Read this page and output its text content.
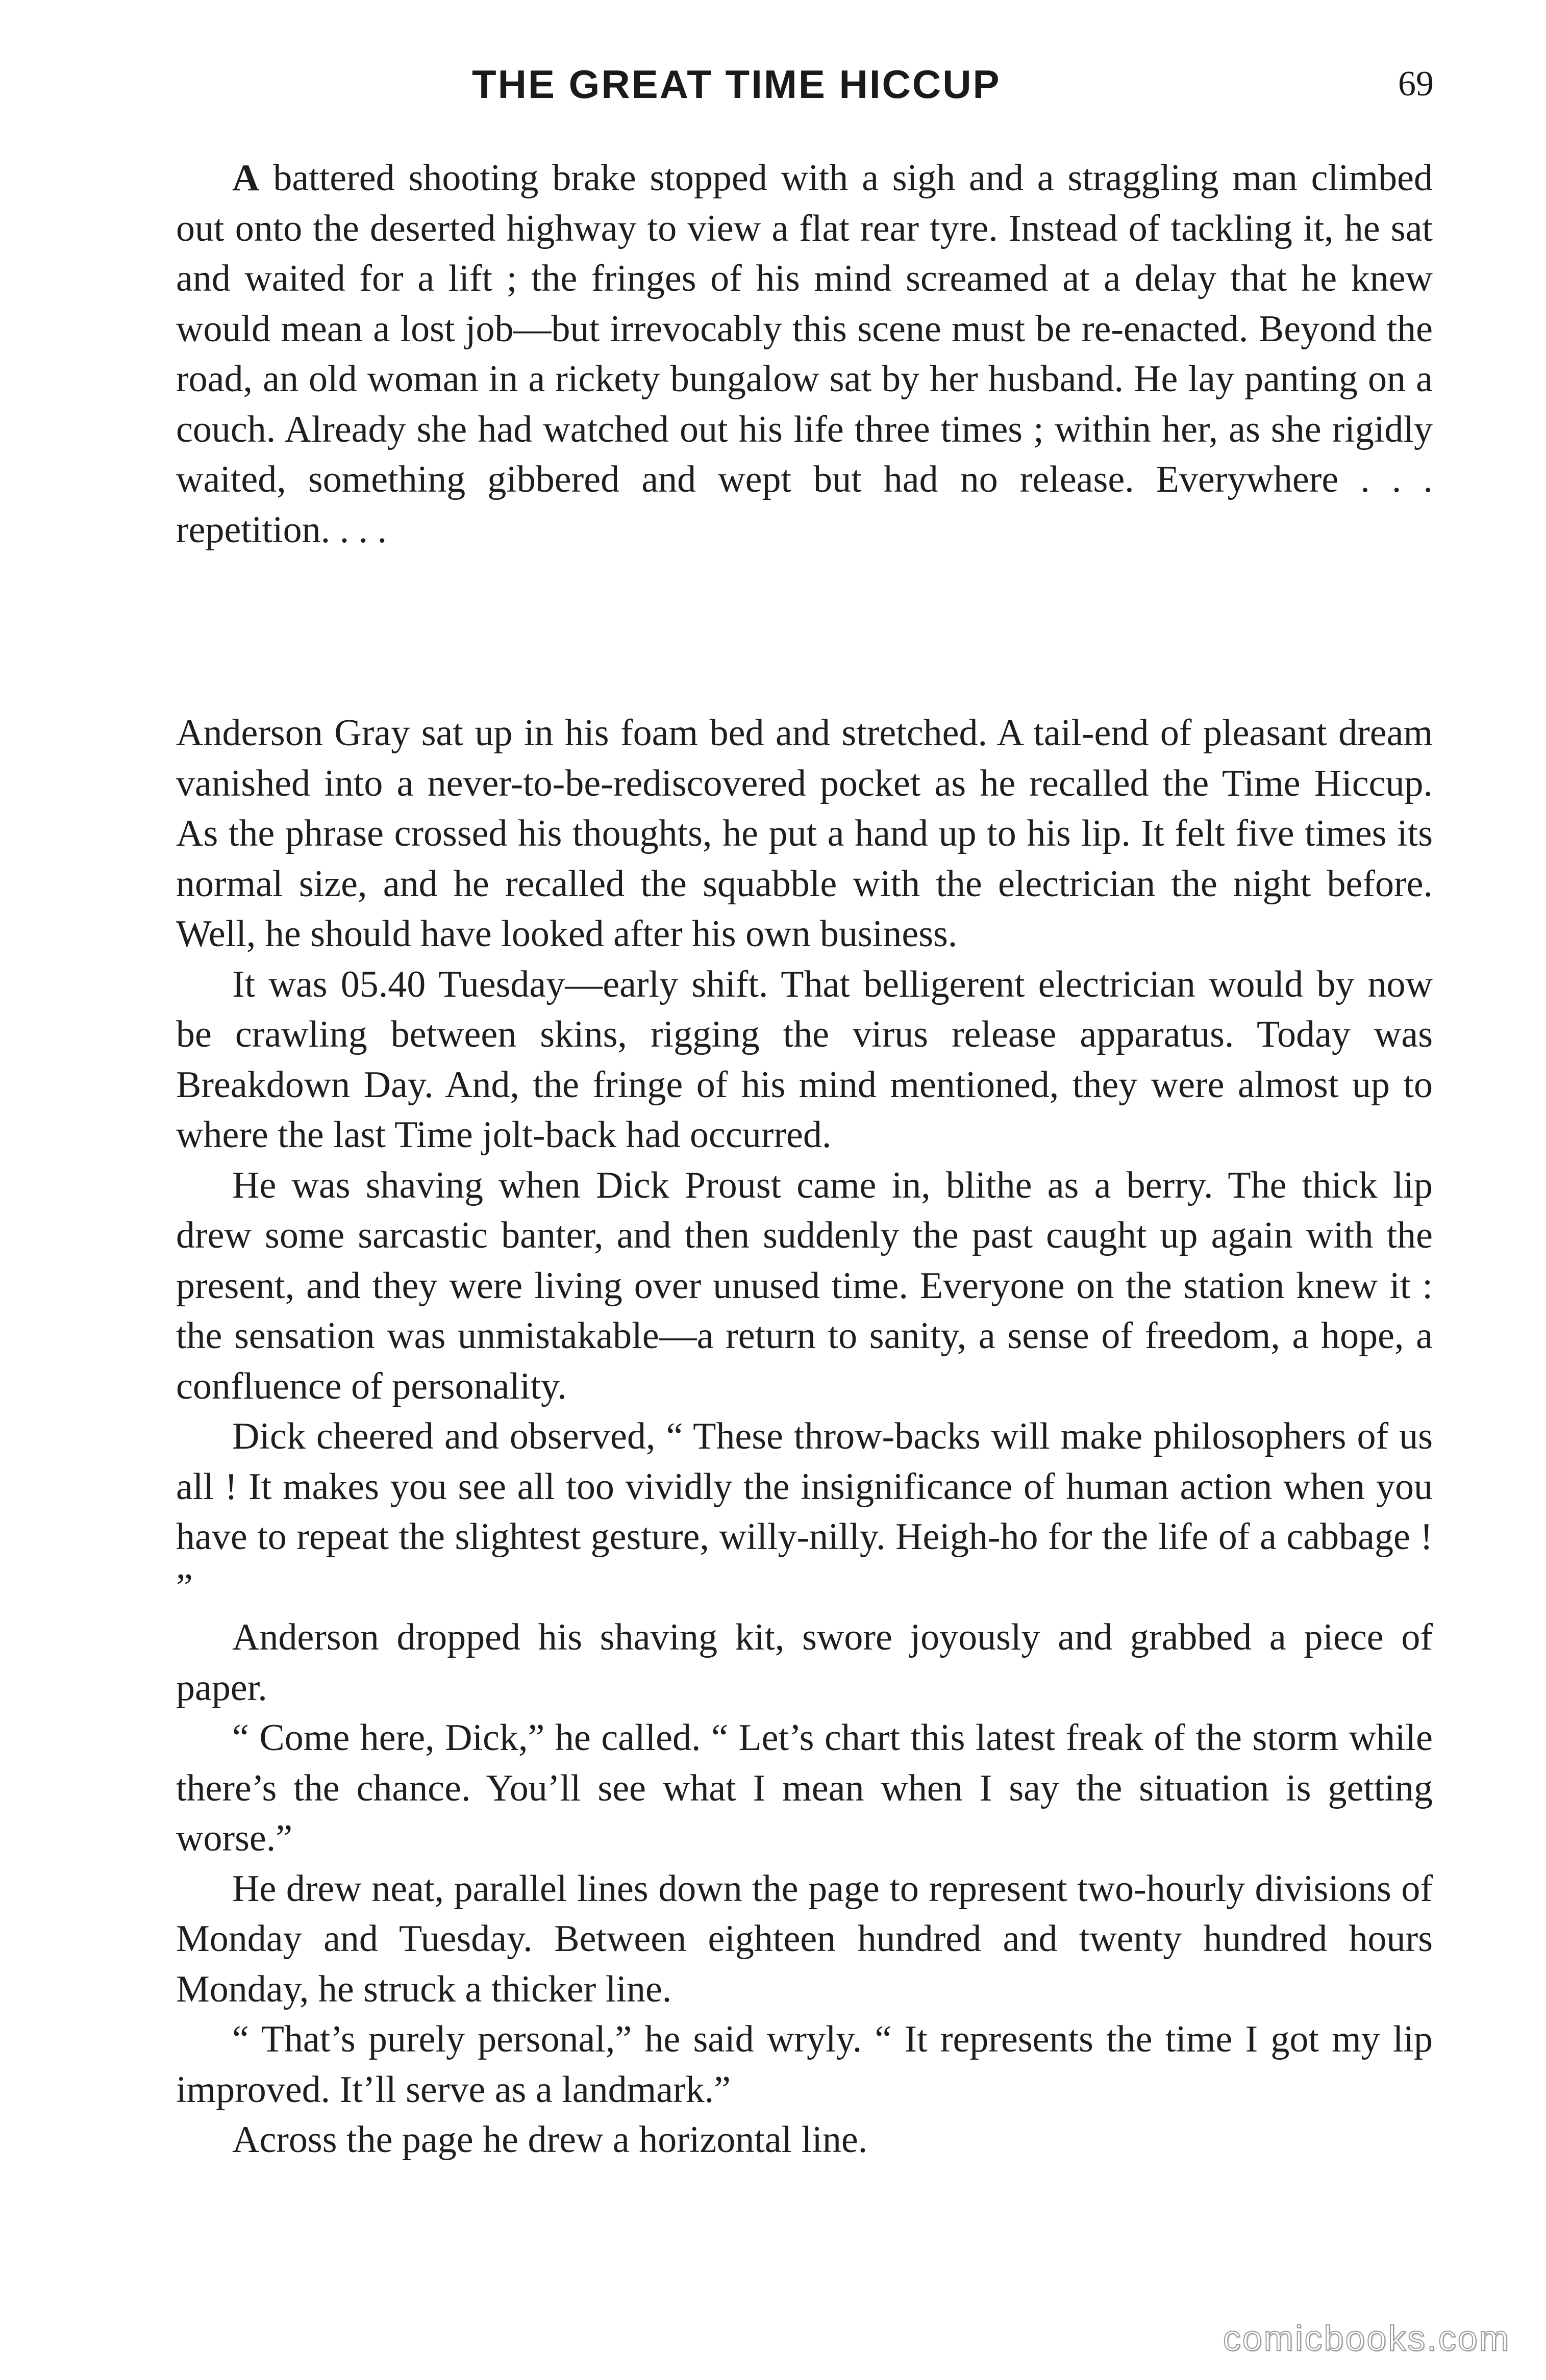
THE GREAT TIME HICCUP	69

A battered shooting brake stopped with a sigh and a straggling man climbed out onto the deserted highway to view a flat rear tyre. Instead of tackling it, he sat and waited for a lift ; the fringes of his mind screamed at a delay that he knew would mean a lost job—but irrevocably this scene must be re-enacted. Beyond the road, an old woman in a rickety bungalow sat by her husband. He lay panting on a couch. Already she had watched out his life three times ; within her, as she rigidly waited, something gibbered and wept but had no release. Everywhere . . . repetition. . . .

Anderson Gray sat up in his foam bed and stretched. A tail-end of pleasant dream vanished into a never-to-be-rediscovered pocket as he recalled the Time Hiccup. As the phrase crossed his thoughts, he put a hand up to his lip. It felt five times its normal size, and he recalled the squabble with the electrician the night before. Well, he should have looked after his own business.

It was 05.40 Tuesday—early shift. That belligerent electrician would by now be crawling between skins, rigging the virus release apparatus. Today was Breakdown Day. And, the fringe of his mind mentioned, they were almost up to where the last Time jolt-back had occurred.

He was shaving when Dick Proust came in, blithe as a berry. The thick lip drew some sarcastic banter, and then suddenly the past caught up again with the present, and they were living over unused time. Everyone on the station knew it : the sensation was unmistakable—a return to sanity, a sense of freedom, a hope, a confluence of personality.

Dick cheered and observed, “ These throw-backs will make philosophers of us all ! It makes you see all too vividly the insignificance of human action when you have to repeat the slightest gesture, willy-nilly. Heigh-ho for the life of a cabbage ! ”

Anderson dropped his shaving kit, swore joyously and grabbed a piece of paper.

“ Come here, Dick,” he called. “ Let’s chart this latest freak of the storm while there’s the chance. You’ll see what I mean when I say the situation is getting worse.”

He drew neat, parallel lines down the page to represent two-hourly divisions of Monday and Tuesday. Between eighteen hundred and twenty hundred hours Monday, he struck a thicker line.

“ That’s purely personal,” he said wryly. “ It represents the time I got my lip improved. It’ll serve as a landmark.”

Across the page he drew a horizontal line.

comicbooks.com
